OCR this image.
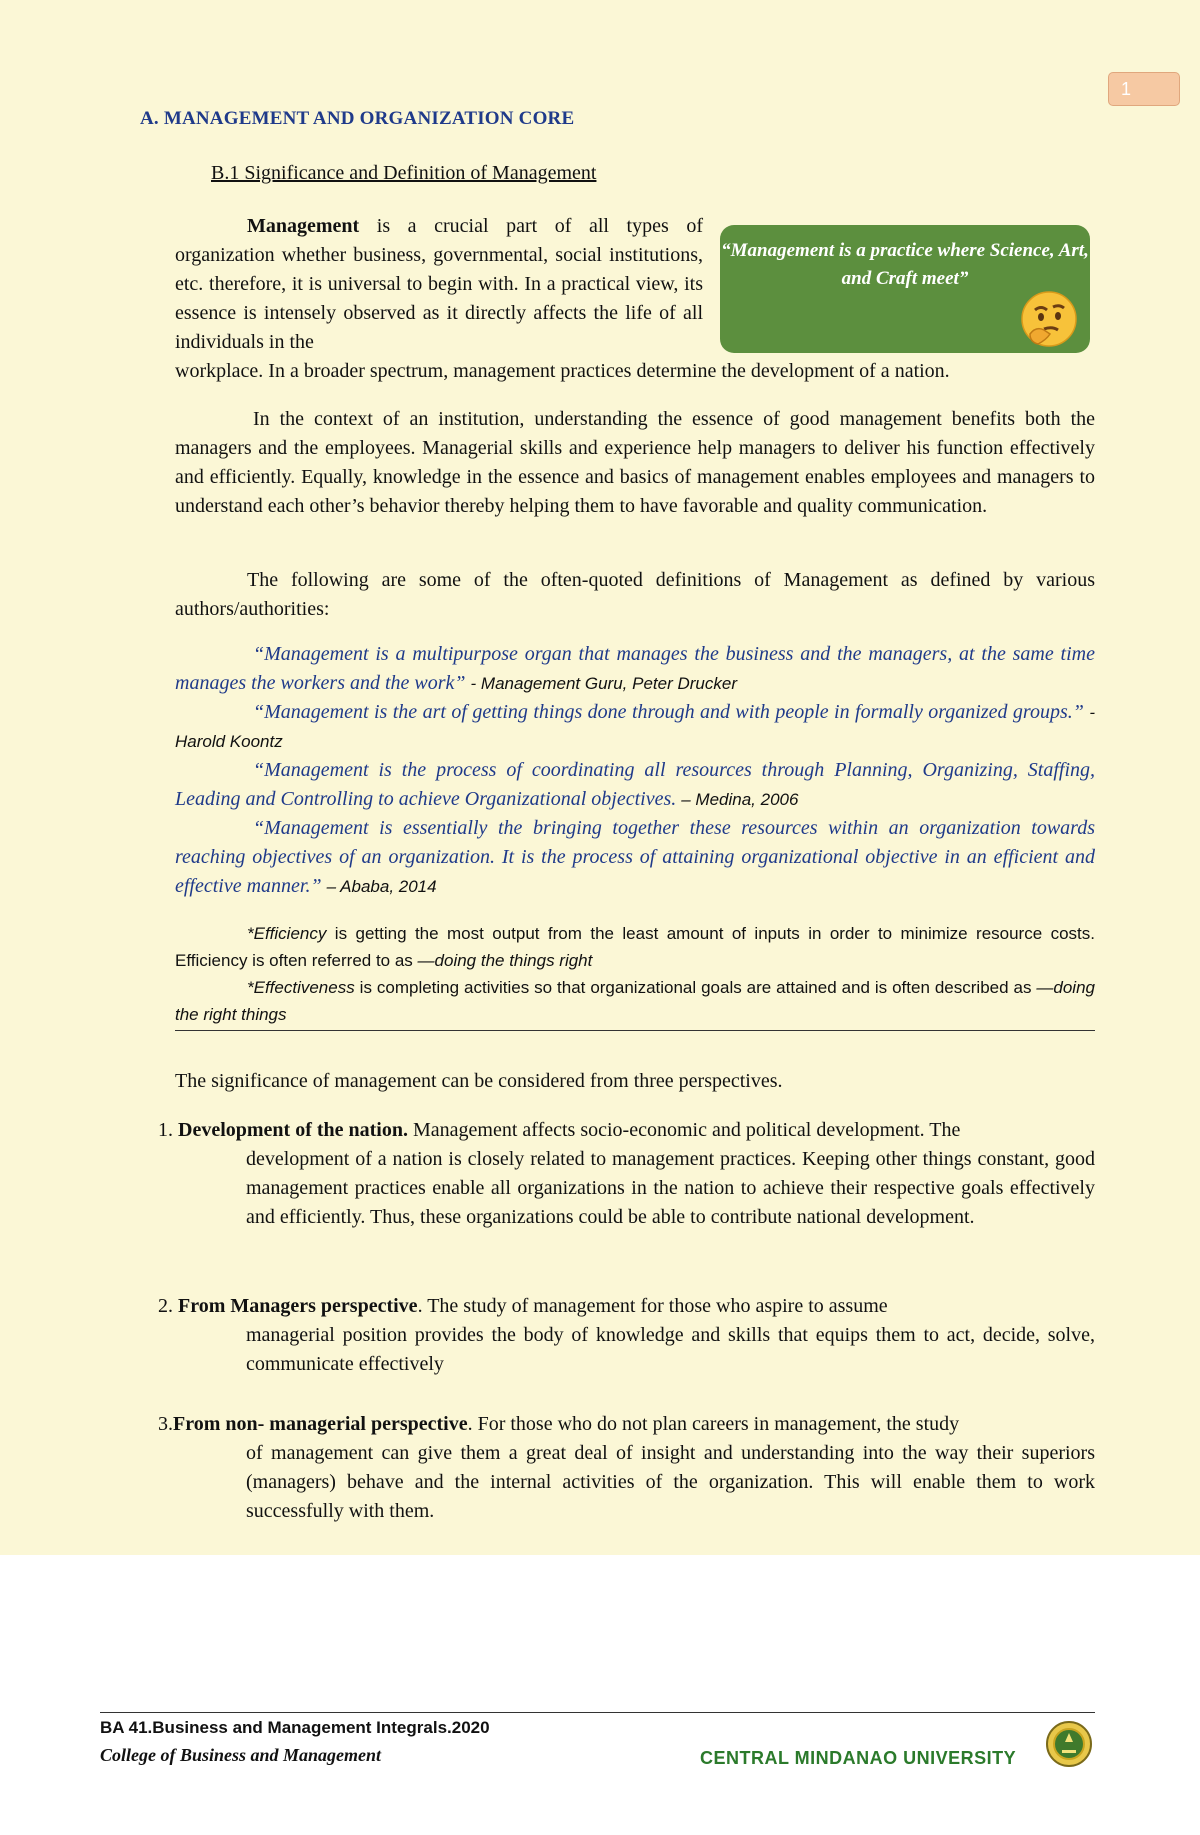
1
A. MANAGEMENT AND ORGANIZATION CORE
B.1 Significance and Definition of Management

Management is a crucial part of all types of organization whether business, governmental, social institutions, etc. therefore, it is universal to begin with. In a practical view, its essence is intensely observed as it directly affects the life of all individuals in the

workplace. In a broader spectrum, management practices determine the development of a nation.

“Management is a practice where Science, Art, and Craft meet”

In the context of an institution, understanding the essence of good management benefits both the managers and the employees. Managerial skills and experience help managers to deliver his function effectively and efficiently. Equally, knowledge in the essence and basics of management enables employees and managers to understand each other’s behavior thereby helping them to have favorable and quality communication.

The following are some of the often-quoted definitions of Management as defined by various authors/authorities:

“Management is a multipurpose organ that manages the business and the managers, at the same time manages the workers and the work” - Management Guru, Peter Drucker

“Management is the art of getting things done through and with people in formally organized groups.” - Harold Koontz

“Management is the process of coordinating all resources through Planning, Organizing, Staffing, Leading and Controlling to achieve Organizational objectives. – Medina, 2006

“Management is essentially the bringing together these resources within an organization towards reaching objectives of an organization. It is the process of attaining organizational objective in an efficient and effective manner.” – Ababa, 2014

*Efficiency is getting the most output from the least amount of inputs in order to minimize resource costs. Efficiency is often referred to as —doing the things right

*Effectiveness is completing activities so that organizational goals are attained and is often described as —doing the right things

The significance of management can be considered from three perspectives.
1. Development of the nation. Management affects socio-economic and political development. The
development of a nation is closely related to management practices. Keeping other things constant, good management practices enable all organizations in the nation to achieve their respective goals effectively and efficiently. Thus, these organizations could be able to contribute national development.
2. From Managers perspective. The study of management for those who aspire to assume
managerial position provides the body of knowledge and skills that equips them to act, decide, solve, communicate effectively
3.From non- managerial perspective. For those who do not plan careers in management, the study
of management can give them a great deal of insight and understanding into the way their superiors (managers) behave and the internal activities of the organization. This will enable them to work successfully with them.
BA 41.Business and Management Integrals.2020
College of Business and Management	CENTRAL MINDANAO UNIVERSITY
